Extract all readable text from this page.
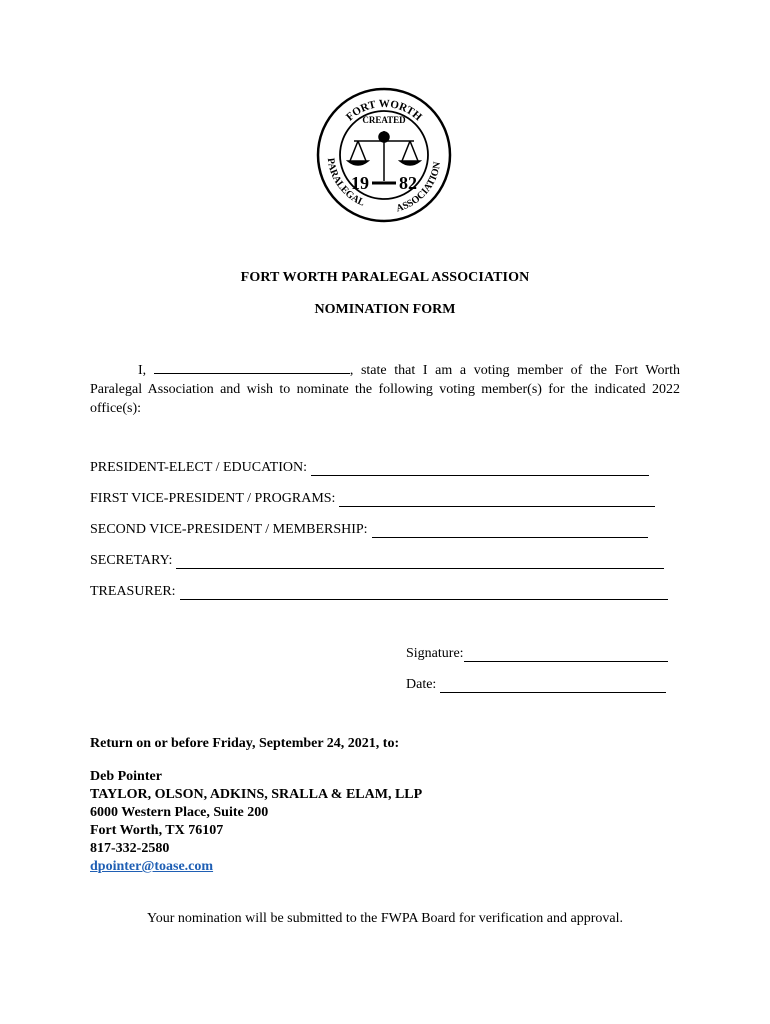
FORT WORTH
PARALEGAL	ASSOCIATION
CREATED
19 82
FORT WORTH PARALEGAL ASSOCIATION
NOMINATION FORM
I,	, state that I am a voting member of the Fort Worth Paralegal Association and wish to nominate the following voting member(s) for the indicated 2022 office(s):
PRESIDENT-ELECT / EDUCATION:
FIRST VICE-PRESIDENT / PROGRAMS:
SECOND VICE-PRESIDENT / MEMBERSHIP:
SECRETARY:
TREASURER:
Signature:
Date:
Return on or before Friday, September 24, 2021, to:
Deb Pointer
TAYLOR, OLSON, ADKINS, SRALLA & ELAM, LLP
6000 Western Place, Suite 200
Fort Worth, TX 76107
817-332-2580
dpointer@toase.com
Your nomination will be submitted to the FWPA Board for verification and approval.
